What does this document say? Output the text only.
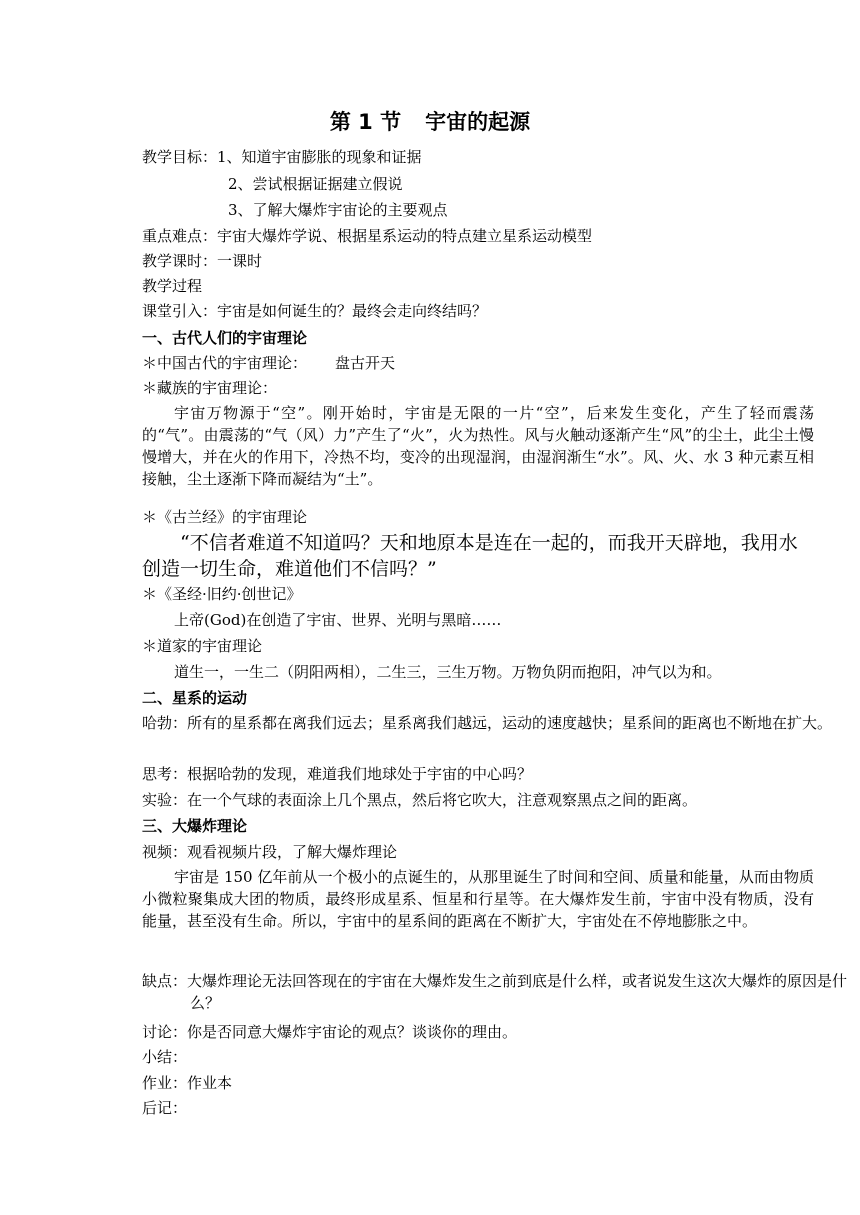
第 1 节 宇宙的起源
教学目标：1、知道宇宙膨胀的现象和证据
2、尝试根据证据建立假说
3、了解大爆炸宇宙论的主要观点
重点难点：宇宙大爆炸学说、根据星系运动的特点建立星系运动模型
教学课时：一课时
教学过程
课堂引入：宇宙是如何诞生的？最终会走向终结吗？
一、古代人们的宇宙理论
＊中国古代的宇宙理论： 盘古开天
＊藏族的宇宙理论：
宇宙万物源于“空”。刚开始时，宇宙是无限的一片“空”，后来发生变化，产生了轻而震荡的“气”。由震荡的“气（风）力”产生了“火”，火为热性。风与火触动逐渐产生“风”的尘土，此尘土慢慢增大，并在火的作用下，冷热不均，变冷的出现湿润，由湿润渐生“水”。风、火、水 3 种元素互相接触，尘土逐渐下降而凝结为“土”。
＊《古兰经》的宇宙理论
“不信者难道不知道吗？天和地原本是连在一起的，而我开天辟地，我用水创造一切生命，难道他们不信吗？”
＊《圣经·旧约·创世记》
上帝(God)在创造了宇宙、世界、光明与黑暗……
＊道家的宇宙理论
道生一，一生二（阴阳两相），二生三，三生万物。万物负阴而抱阳，冲气以为和。
二、星系的运动
哈勃：所有的星系都在离我们远去；星系离我们越远，运动的速度越快；星系间的距离也不断地在扩大。
思考：根据哈勃的发现，难道我们地球处于宇宙的中心吗？
实验：在一个气球的表面涂上几个黑点，然后将它吹大，注意观察黑点之间的距离。
三、大爆炸理论
视频：观看视频片段，了解大爆炸理论
宇宙是 150 亿年前从一个极小的点诞生的，从那里诞生了时间和空间、质量和能量，从而由物质小微粒聚集成大团的物质，最终形成星系、恒星和行星等。在大爆炸发生前，宇宙中没有物质，没有能量，甚至没有生命。所以，宇宙中的星系间的距离在不断扩大，宇宙处在不停地膨胀之中。
缺点：大爆炸理论无法回答现在的宇宙在大爆炸发生之前到底是什么样，或者说发生这次大爆炸的原因是什么？
讨论：你是否同意大爆炸宇宙论的观点？谈谈你的理由。
小结：
作业：作业本
后记：
